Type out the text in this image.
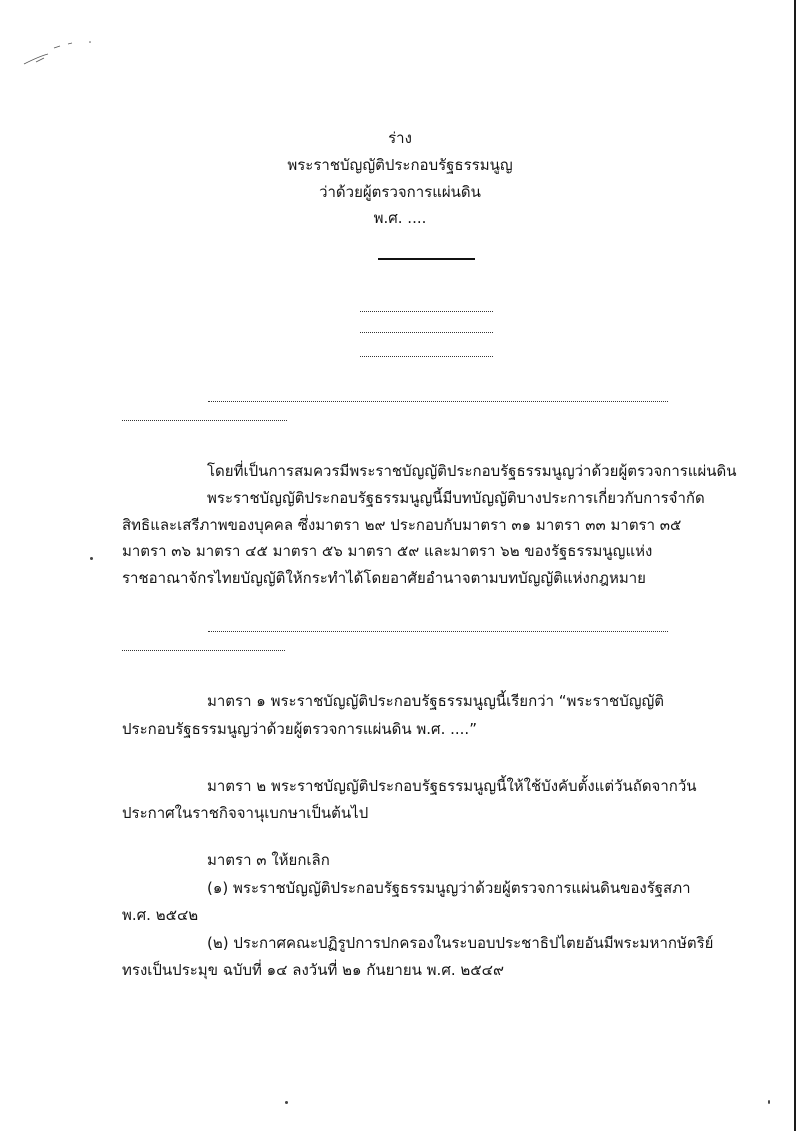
ร่าง
พระราชบัญญัติประกอบรัฐธรรมนูญ
ว่าด้วยผู้ตรวจการแผ่นดิน
พ.ศ. ....
โดยที่เป็นการสมควรมีพระราชบัญญัติประกอบรัฐธรรมนูญว่าด้วยผู้ตรวจการแผ่นดิน
พระราชบัญญัติประกอบรัฐธรรมนูญนี้มีบทบัญญัติบางประการเกี่ยวกับการจำกัด
สิทธิและเสรีภาพของบุคคล ซึ่งมาตรา ๒๙ ประกอบกับมาตรา ๓๑ มาตรา ๓๓ มาตรา ๓๕
มาตรา ๓๖ มาตรา ๔๕ มาตรา ๕๖ มาตรา ๕๙ และมาตรา ๖๒ ของรัฐธรรมนูญแห่ง
ราชอาณาจักรไทยบัญญัติให้กระทำได้โดยอาศัยอำนาจตามบทบัญญัติแห่งกฎหมาย
มาตรา ๑ พระราชบัญญัติประกอบรัฐธรรมนูญนี้เรียกว่า “พระราชบัญญัติ
ประกอบรัฐธรรมนูญว่าด้วยผู้ตรวจการแผ่นดิน พ.ศ. ....”
มาตรา ๒ พระราชบัญญัติประกอบรัฐธรรมนูญนี้ให้ใช้บังคับตั้งแต่วันถัดจากวัน
ประกาศในราชกิจจานุเบกษาเป็นต้นไป
มาตรา ๓ ให้ยกเลิก
(๑) พระราชบัญญัติประกอบรัฐธรรมนูญว่าด้วยผู้ตรวจการแผ่นดินของรัฐสภา
พ.ศ. ๒๕๔๒
(๒) ประกาศคณะปฏิรูปการปกครองในระบอบประชาธิปไตยอันมีพระมหากษัตริย์
ทรงเป็นประมุข ฉบับที่ ๑๔ ลงวันที่ ๒๑ กันยายน พ.ศ. ๒๕๔๙
